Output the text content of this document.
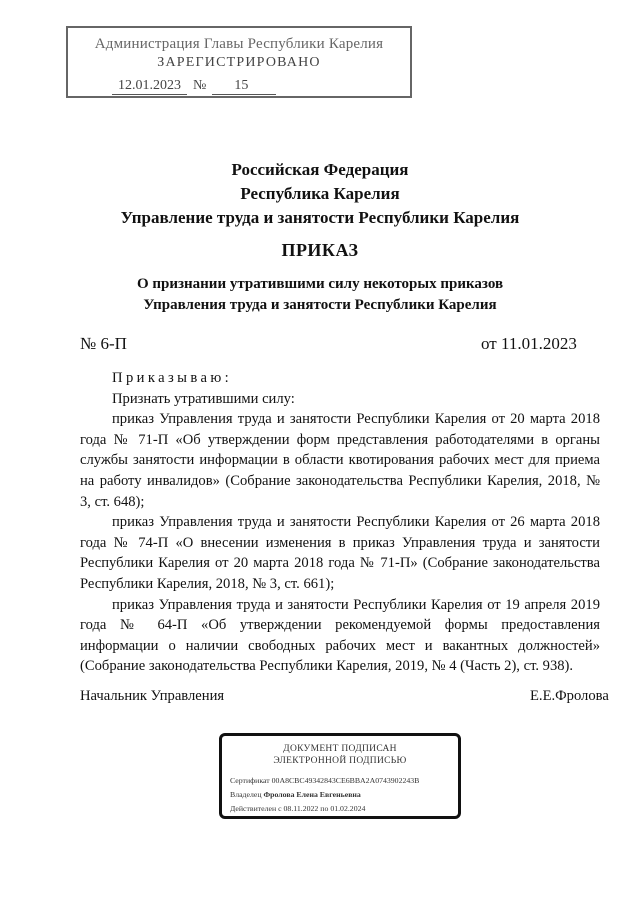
Администрация Главы Республики Карелия
ЗАРЕГИСТРИРОВАНО
12.01.2023 № 15
Российская Федерация
Республика Карелия
Управление труда и занятости Республики Карелия
ПРИКАЗ
О признании утратившими силу некоторых приказов
Управления труда и занятости Республики Карелия
№ 6-П	от 11.01.2023

Приказываю:

Признать утратившими силу:

приказ Управления труда и занятости Республики Карелия от 20 марта 2018 года № 71-П «Об утверждении форм представления работодателями в органы службы занятости информации в области квотирования рабочих мест для приема на работу инвалидов» (Собрание законодательства Республики Карелия, 2018, № 3, ст. 648);

приказ Управления труда и занятости Республики Карелия от 26 марта 2018 года № 74-П «О внесении изменения в приказ Управления труда и занятости Республики Карелия от 20 марта 2018 года № 71-П» (Собрание законодательства Республики Карелия, 2018, № 3, ст. 661);

приказ Управления труда и занятости Республики Карелия от 19 апреля 2019 года № 64-П «Об утверждении рекомендуемой формы предоставления информации о наличии свободных рабочих мест и вакантных должностей» (Собрание законодательства Республики Карелия, 2019, № 4 (Часть 2), ст. 938).

Начальник Управления	Е.Е.Фролова
ДОКУМЕНТ ПОДПИСАН
ЭЛЕКТРОННОЙ ПОДПИСЬЮ
Сертификат 00A8CBC49342843CE6BBA2A0743902243B
Владелец Фролова Елена Евгеньевна
Действителен с 08.11.2022 по 01.02.2024
